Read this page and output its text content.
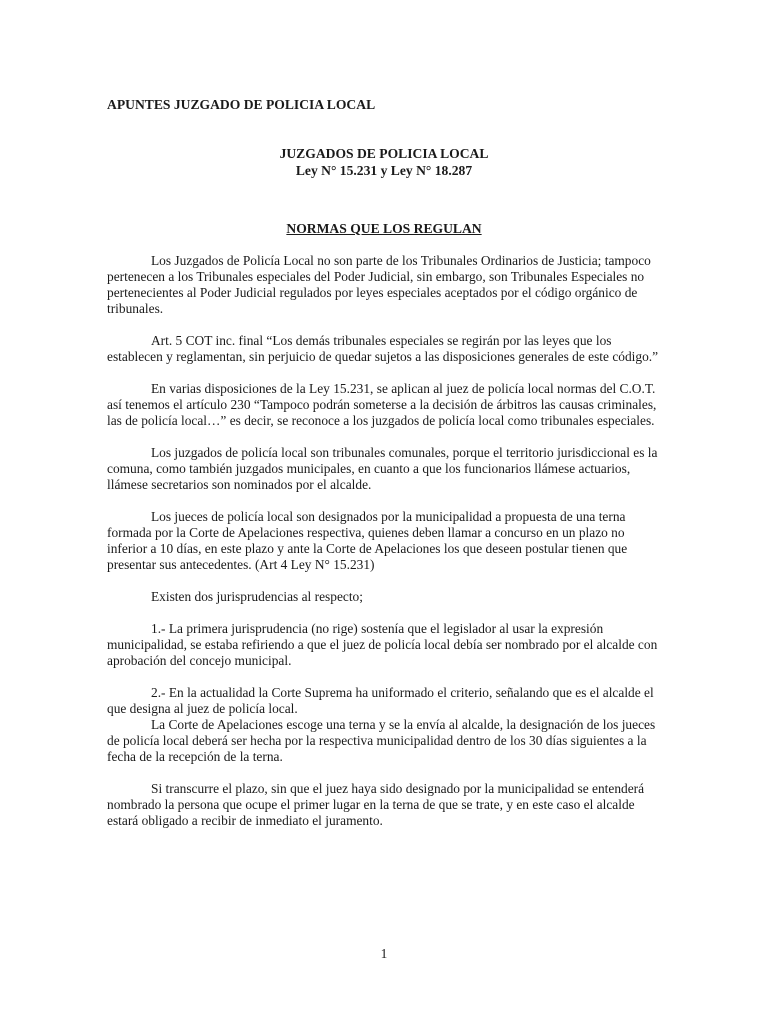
APUNTES JUZGADO DE POLICIA LOCAL
JUZGADOS DE POLICIA LOCAL
Ley N° 15.231 y Ley N° 18.287
NORMAS QUE LOS REGULAN

Los Juzgados de Policía Local no son parte de los Tribunales Ordinarios de Justicia; tampoco pertenecen a los Tribunales especiales del Poder Judicial, sin embargo, son Tribunales Especiales no pertenecientes al Poder Judicial regulados por leyes especiales aceptados por el código orgánico de tribunales.

Art. 5 COT inc. final “Los demás tribunales especiales se regirán por las leyes que los establecen y reglamentan, sin perjuicio de quedar sujetos a las disposiciones generales de este código.”

En varias disposiciones de la Ley 15.231, se aplican al juez de policía local normas del C.O.T. así tenemos el artículo 230 “Tampoco podrán someterse a la decisión de árbitros las causas criminales, las de policía local…” es decir, se reconoce a los juzgados de policía local como tribunales especiales.

Los juzgados de policía local son tribunales comunales, porque el territorio jurisdiccional es la comuna, como también juzgados municipales, en cuanto a que los funcionarios llámese actuarios, llámese secretarios son nominados por el alcalde.

Los jueces de policía local son designados por la municipalidad a propuesta de una terna formada por la Corte de Apelaciones respectiva, quienes deben llamar a concurso en un plazo no inferior a 10 días, en este plazo y ante la Corte de Apelaciones los que deseen postular tienen que presentar sus antecedentes. (Art 4 Ley N° 15.231)

Existen dos jurisprudencias al respecto;

1.- La primera jurisprudencia (no rige) sostenía que el legislador al usar la expresión municipalidad, se estaba refiriendo a que el juez de policía local debía ser nombrado por el alcalde con aprobación del concejo municipal.

2.- En la actualidad la Corte Suprema ha uniformado el criterio, señalando que es el alcalde el que designa al juez de policía local.

La Corte de Apelaciones escoge una terna y se la envía al alcalde, la designación de los jueces de policía local deberá ser hecha por la respectiva municipalidad dentro de los 30 días siguientes a la fecha de la recepción de la terna.

Si transcurre el plazo, sin que el juez haya sido designado por la municipalidad se entenderá nombrado la persona que ocupe el primer lugar en la terna de que se trate, y en este caso el alcalde estará obligado a recibir de inmediato el juramento.

1
